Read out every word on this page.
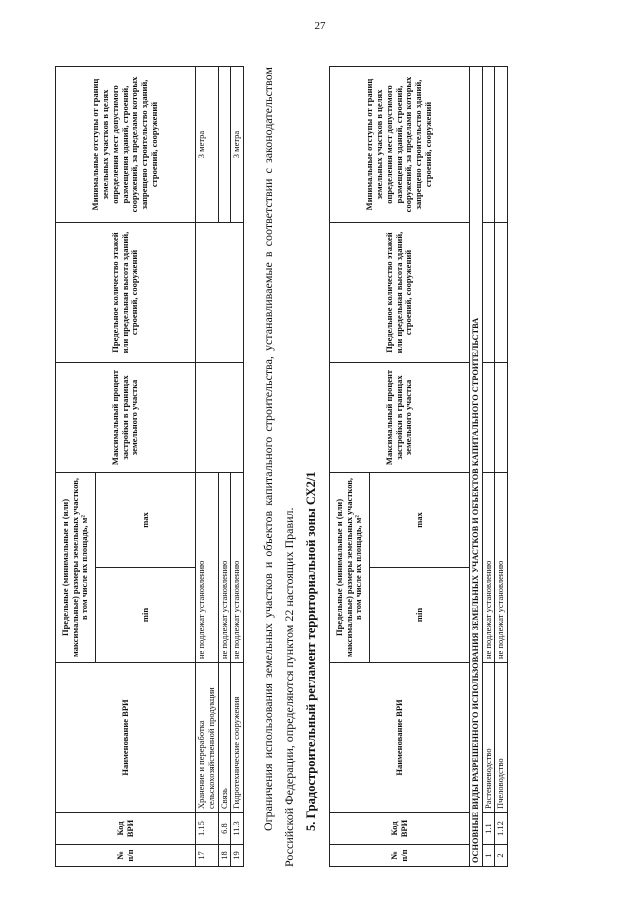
27
№ п/п	Код ВРИ	Наименование ВРИ	Предельные (минимальные и (или) максимальные) размеры земельных участков, в том числе их площадь, м²		Максимальный процент застройки в границах земельного участка	Предельное количество этажей или предельная высота зданий, строений, сооружений	Минимальные отступы от границ земельных участков в целях определения мест допустимого размещения зданий, строений, сооружений, за пределами которых запрещено строительство зданий, строений, сооружений
			min	max			
17	1.15	Хранение и переработка сельскохозяйственной продукции	не подлежат установлению				3 метра
18	6.8	Связь	не подлежат установлению				
19	11.3	Гидротехнические сооружения	не подлежат установлению				3 метра Ограничения использования земельных участков и объектов капитального строительства, устанавливаемые в соответствии с законодательством Российской Федерации, определяются пунктом 22 настоящих Правил. 5. Градостроительный регламент территориальной зоны СХ2/1
№ п/п	Код ВРИ	Наименование ВРИ	Предельные (минимальные и (или) максимальные) размеры земельных участков, в том числе их площадь, м²		Максимальный процент застройки в границах земельного участка	Предельное количество этажей или предельная высота зданий, строений, сооружений	Минимальные отступы от границ земельных участков в целях определения мест допустимого размещения зданий, строений, сооружений, за пределами которых запрещено строительство зданий, строений, сооружений
			min	max			
ОСНОВНЫЕ ВИДЫ РАЗРЕШЕННОГО ИСПОЛЬЗОВАНИЯ ЗЕМЕЛЬНЫХ УЧАСТКОВ И ОБЪЕКТОВ КАПИТАЛЬНОГО СТРОИТЕЛЬСТВА							
1	1.1	Растениеводство	не подлежат установлению				
2	1.12	Пчеловодство	не подлежат установлению				
